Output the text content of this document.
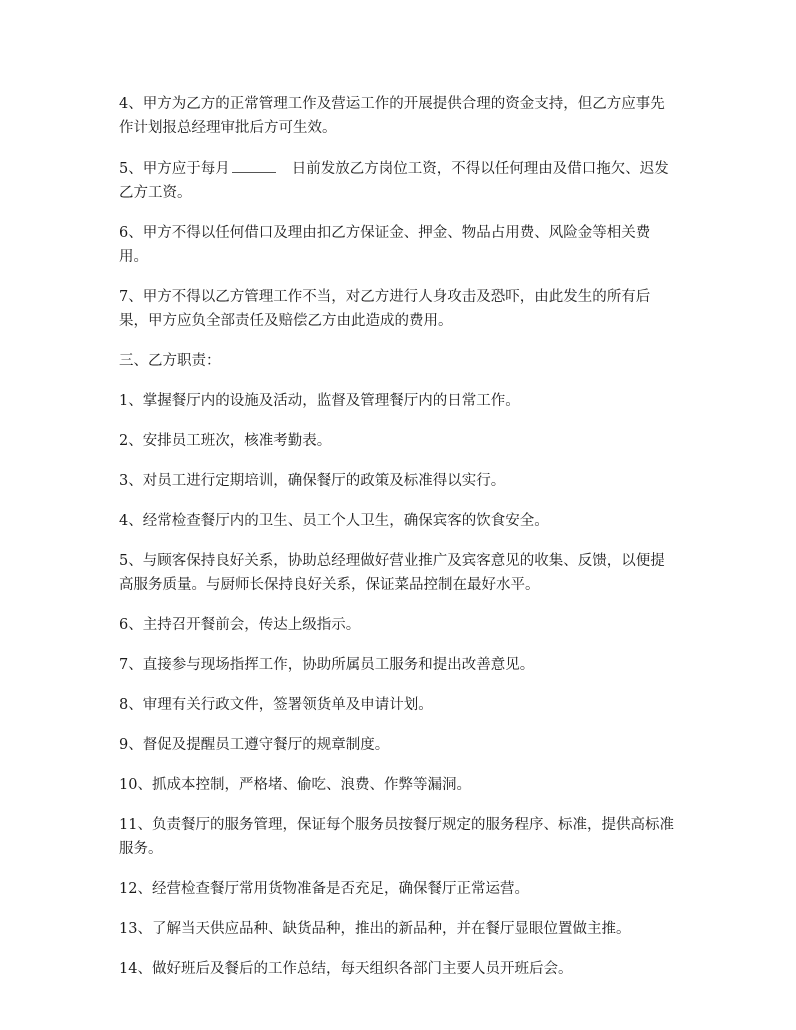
4、甲方为乙方的正常管理工作及营运工作的开展提供合理的资金支持，但乙方应事先作计划报总经理审批后方可生效。

5、甲方应于每月	日前发放乙方岗位工资，不得以任何理由及借口拖欠、迟发乙方工资。

6、甲方不得以任何借口及理由扣乙方保证金、押金、物品占用费、风险金等相关费用。

7、甲方不得以乙方管理工作不当，对乙方进行人身攻击及恐吓，由此发生的所有后果，甲方应负全部责任及赔偿乙方由此造成的费用。

三、乙方职责：

1、掌握餐厅内的设施及活动，监督及管理餐厅内的日常工作。

2、安排员工班次，核准考勤表。

3、对员工进行定期培训，确保餐厅的政策及标准得以实行。

4、经常检查餐厅内的卫生、员工个人卫生，确保宾客的饮食安全。

5、与顾客保持良好关系，协助总经理做好营业推广及宾客意见的收集、反馈，以便提高服务质量。与厨师长保持良好关系，保证菜品控制在最好水平。

6、主持召开餐前会，传达上级指示。

7、直接参与现场指挥工作，协助所属员工服务和提出改善意见。

8、审理有关行政文件，签署领货单及申请计划。

9、督促及提醒员工遵守餐厅的规章制度。

10、抓成本控制，严格堵、偷吃、浪费、作弊等漏洞。

11、负责餐厅的服务管理，保证每个服务员按餐厅规定的服务程序、标准，提供高标准服务。

12、经营检查餐厅常用货物准备是否充足，确保餐厅正常运营。

13、了解当天供应品种、缺货品种，推出的新品种，并在餐厅显眼位置做主推。

14、做好班后及餐后的工作总结，每天组织各部门主要人员开班后会。
